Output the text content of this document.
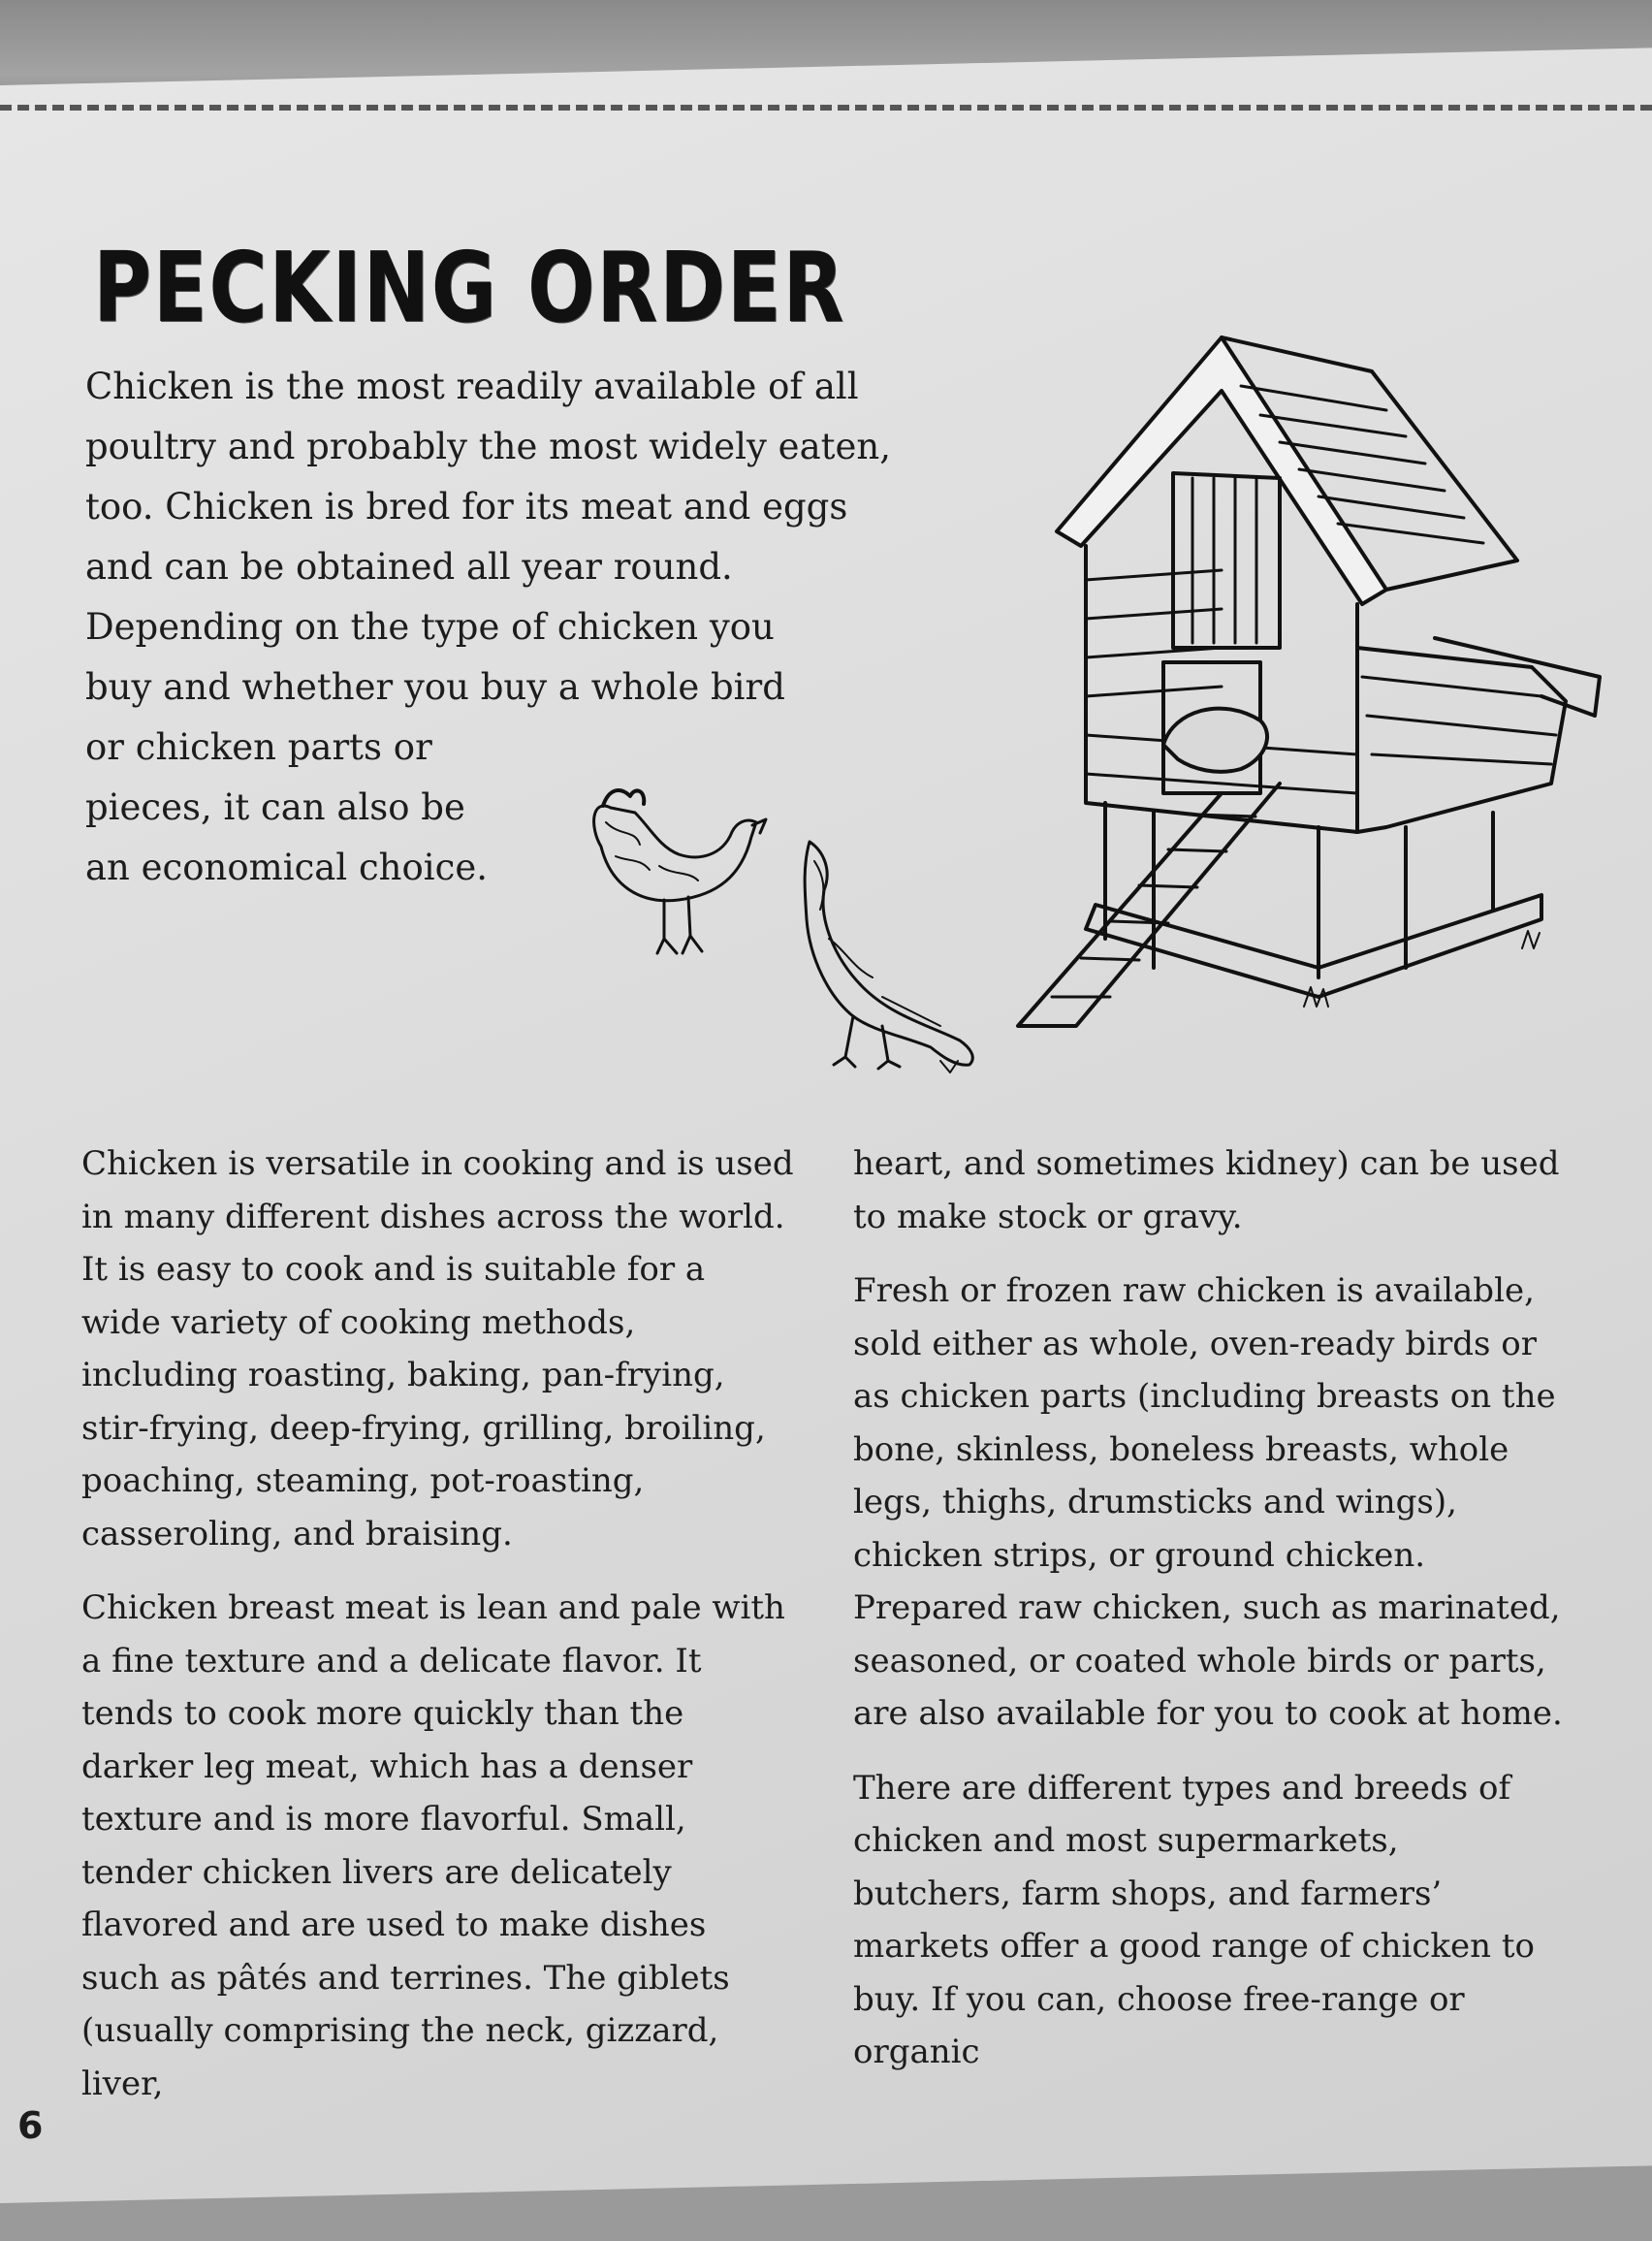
PECKING ORDER

Chicken is the most readily available of all
poultry and probably the most widely eaten,
too. Chicken is bred for its meat and eggs
and can be obtained all year round.
Depending on the type of chicken you
buy and whether you buy a whole bird
or chicken parts or
pieces, it can also be
an economical choice.

Chicken is versatile in cooking and is used in many different dishes across the world. It is easy to cook and is suitable for a wide variety of cooking methods, including roasting, baking, pan-frying, stir-frying, deep-frying, grilling, broiling, poaching, steaming, pot-roasting, casseroling, and braising.

Chicken breast meat is lean and pale with a fine texture and a delicate flavor. It tends to cook more quickly than the darker leg meat, which has a denser texture and is more flavorful. Small, tender chicken livers are delicately flavored and are used to make dishes such as pâtés and terrines. The giblets (usually comprising the neck, gizzard, liver,

heart, and sometimes kidney) can be used to make stock or gravy.

Fresh or frozen raw chicken is available, sold either as whole, oven-ready birds or as chicken parts (including breasts on the bone, skinless, boneless breasts, whole legs, thighs, drumsticks and wings), chicken strips, or ground chicken. Prepared raw chicken, such as marinated, seasoned, or coated whole birds or parts, are also available for you to cook at home.

There are different types and breeds of chicken and most supermarkets, butchers, farm shops, and farmers’ markets offer a good range of chicken to buy. If you can, choose free-range or organic

6
